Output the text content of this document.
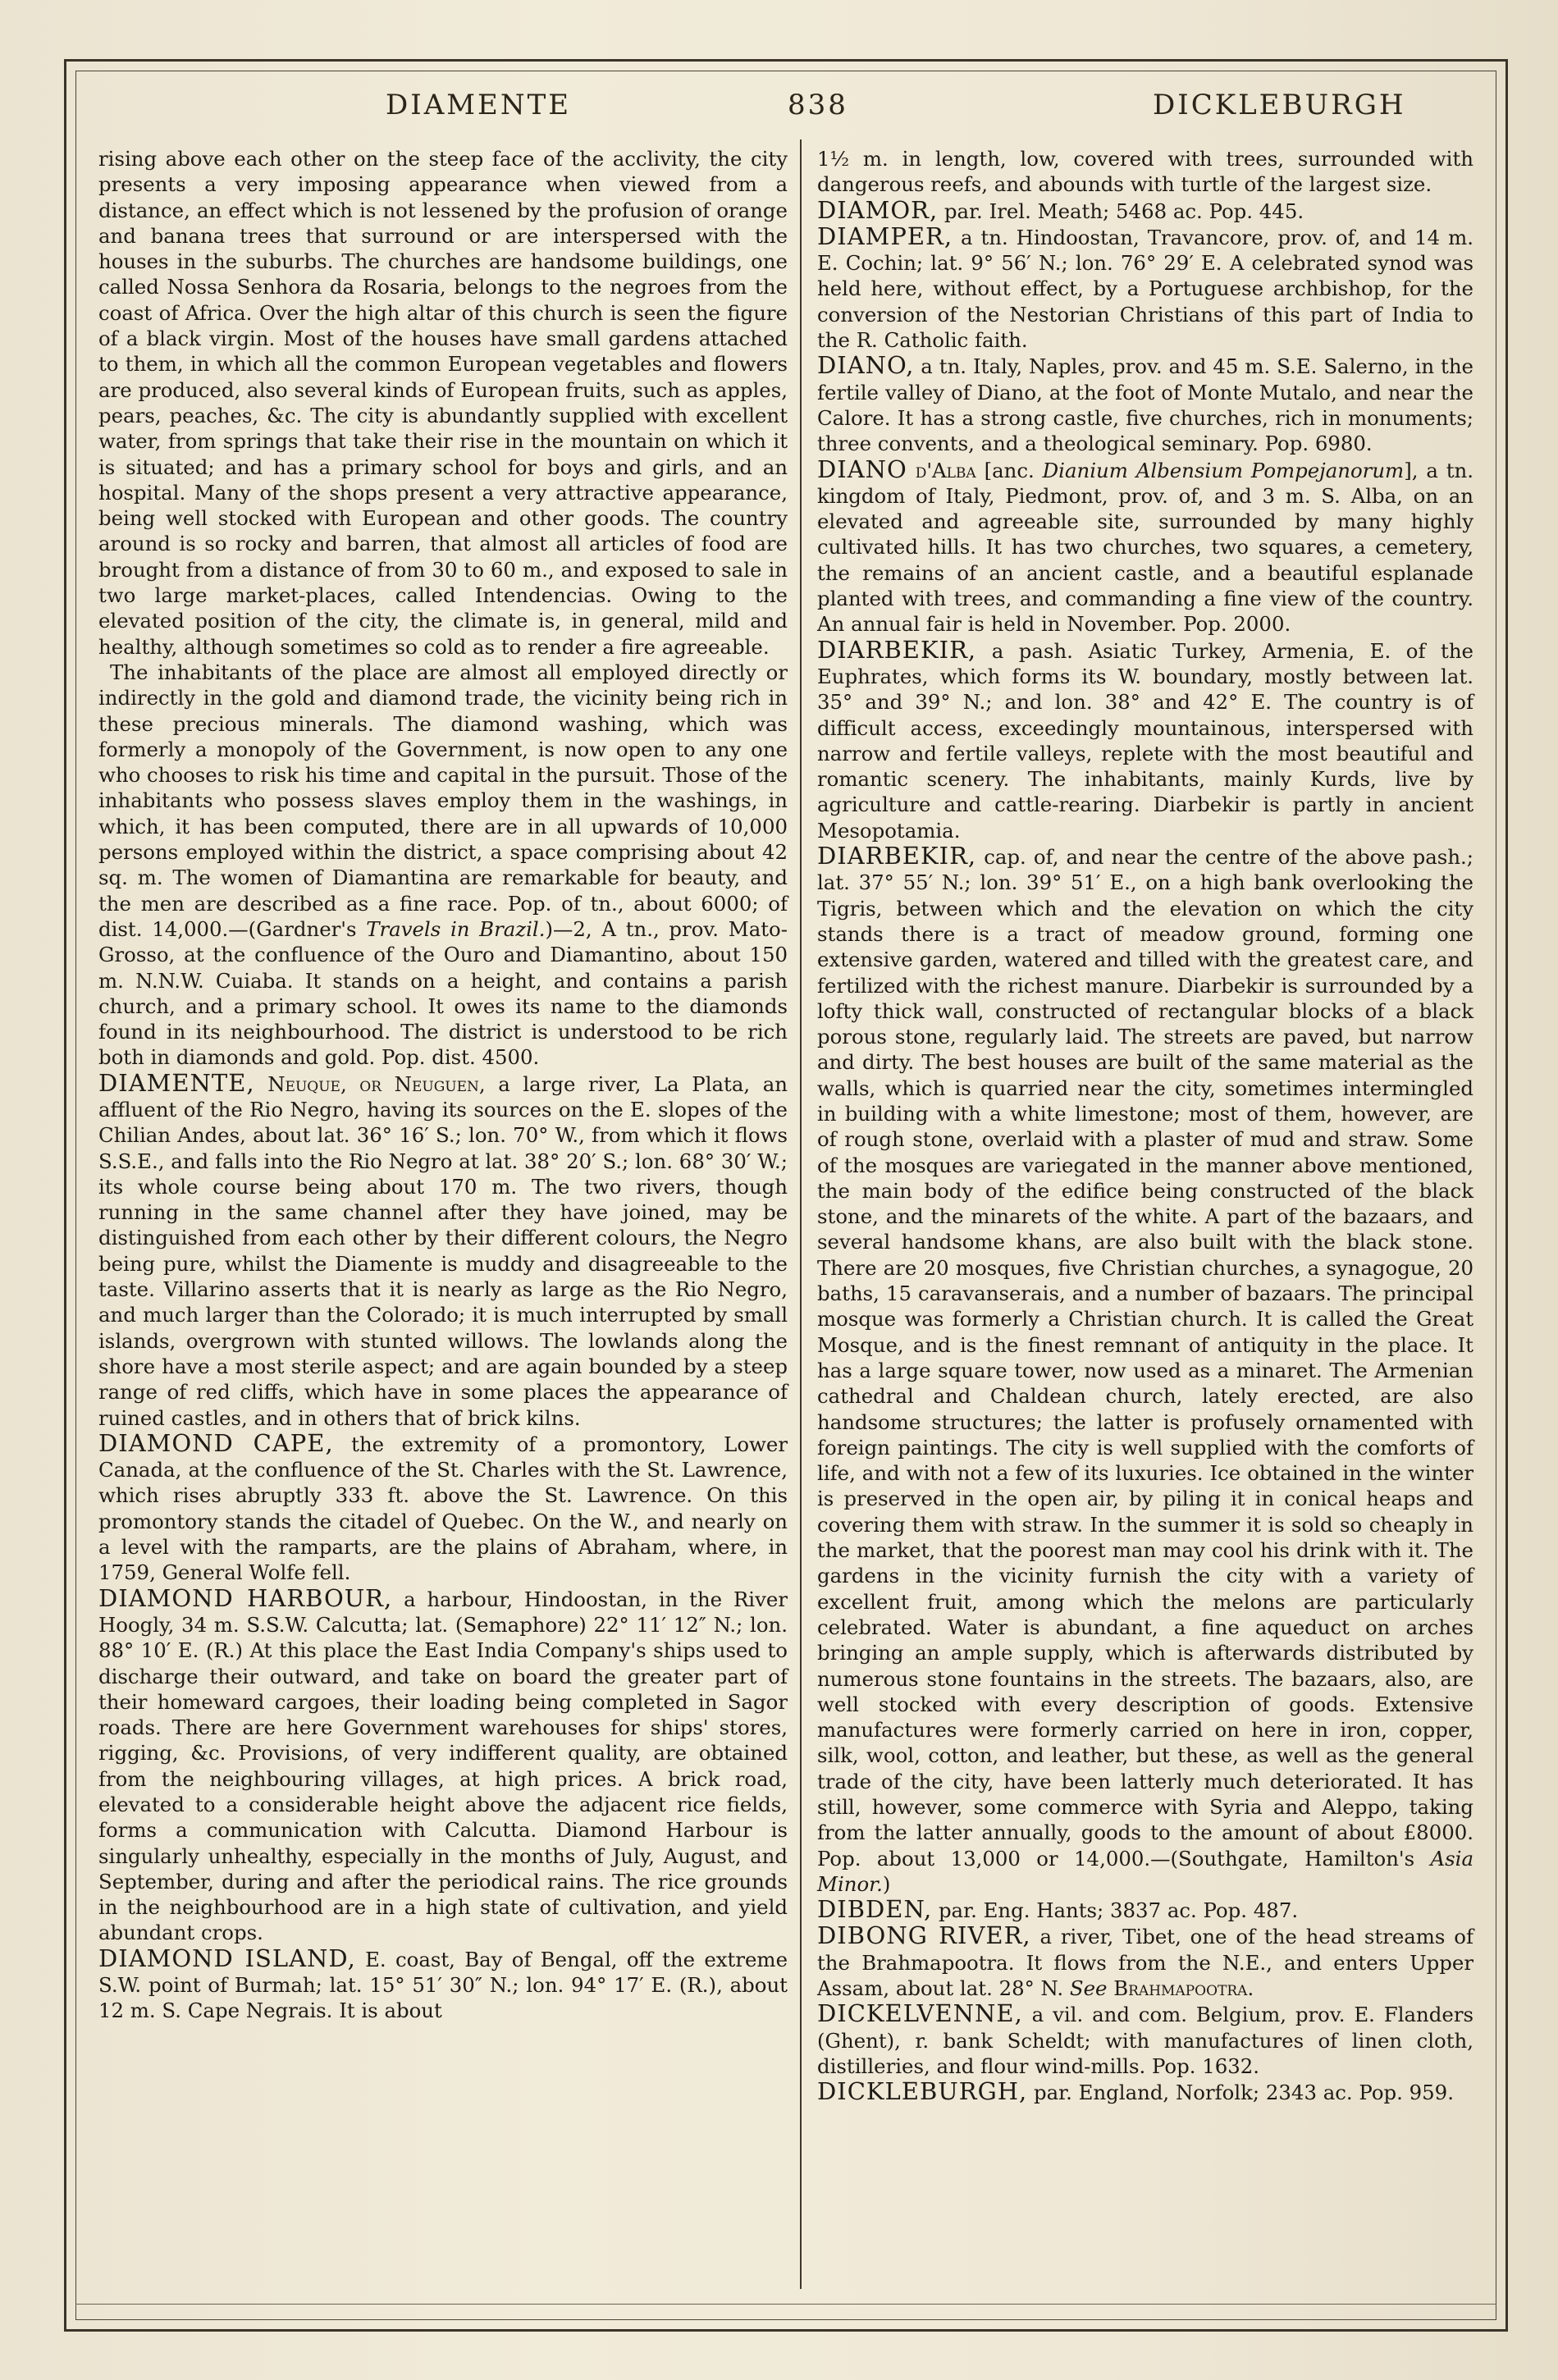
DIAMENTE	838	DICKLEBURGH

rising above each other on the steep face of the acclivity, the city presents a very imposing appearance when viewed from a distance, an effect which is not lessened by the profusion of orange and banana trees that surround or are interspersed with the houses in the suburbs. The churches are handsome buildings, one called Nossa Senhora da Rosaria, belongs to the negroes from the coast of Africa. Over the high altar of this church is seen the figure of a black virgin. Most of the houses have small gardens attached to them, in which all the common European vegetables and flowers are produced, also several kinds of European fruits, such as apples, pears, peaches, &c. The city is abundantly supplied with excellent water, from springs that take their rise in the mountain on which it is situated; and has a primary school for boys and girls, and an hospital. Many of the shops present a very attractive appearance, being well stocked with European and other goods. The country around is so rocky and barren, that almost all articles of food are brought from a distance of from 30 to 60 m., and exposed to sale in two large market-places, called Intendencias. Owing to the elevated position of the city, the climate is, in general, mild and healthy, although sometimes so cold as to render a fire agreeable.

The inhabitants of the place are almost all employed directly or indirectly in the gold and diamond trade, the vicinity being rich in these precious minerals. The diamond washing, which was formerly a monopoly of the Government, is now open to any one who chooses to risk his time and capital in the pursuit. Those of the inhabitants who possess slaves employ them in the washings, in which, it has been computed, there are in all upwards of 10,000 persons employed within the district, a space comprising about 42 sq. m. The women of Diamantina are remarkable for beauty, and the men are described as a fine race. Pop. of tn., about 6000; of dist. 14,000.—(Gardner's Travels in Brazil.)—2, A tn., prov. Mato-Grosso, at the confluence of the Ouro and Diamantino, about 150 m. N.N.W. Cuiaba. It stands on a height, and contains a parish church, and a primary school. It owes its name to the diamonds found in its neighbourhood. The district is understood to be rich both in diamonds and gold. Pop. dist. 4500.

DIAMENTE, Neuque, or Neuguen, a large river, La Plata, an affluent of the Rio Negro, having its sources on the E. slopes of the Chilian Andes, about lat. 36° 16′ S.; lon. 70° W., from which it flows S.S.E., and falls into the Rio Negro at lat. 38° 20′ S.; lon. 68° 30′ W.; its whole course being about 170 m. The two rivers, though running in the same channel after they have joined, may be distinguished from each other by their different colours, the Negro being pure, whilst the Diamente is muddy and disagreeable to the taste. Villarino asserts that it is nearly as large as the Rio Negro, and much larger than the Colorado; it is much interrupted by small islands, overgrown with stunted willows. The lowlands along the shore have a most sterile aspect; and are again bounded by a steep range of red cliffs, which have in some places the appearance of ruined castles, and in others that of brick kilns.

DIAMOND CAPE, the extremity of a promontory, Lower Canada, at the confluence of the St. Charles with the St. Lawrence, which rises abruptly 333 ft. above the St. Lawrence. On this promontory stands the citadel of Quebec. On the W., and nearly on a level with the ramparts, are the plains of Abraham, where, in 1759, General Wolfe fell.

DIAMOND HARBOUR, a harbour, Hindoostan, in the River Hoogly, 34 m. S.S.W. Calcutta; lat. (Semaphore) 22° 11′ 12″ N.; lon. 88° 10′ E. (R.) At this place the East India Company's ships used to discharge their outward, and take on board the greater part of their homeward cargoes, their loading being completed in Sagor roads. There are here Government warehouses for ships' stores, rigging, &c. Provisions, of very indifferent quality, are obtained from the neighbouring villages, at high prices. A brick road, elevated to a considerable height above the adjacent rice fields, forms a communication with Calcutta. Diamond Harbour is singularly unhealthy, especially in the months of July, August, and September, during and after the periodical rains. The rice grounds in the neighbourhood are in a high state of cultivation, and yield abundant crops.

DIAMOND ISLAND, E. coast, Bay of Bengal, off the extreme S.W. point of Burmah; lat. 15° 51′ 30″ N.; lon. 94° 17′ E. (R.), about 12 m. S. Cape Negrais. It is about

1½ m. in length, low, covered with trees, surrounded with dangerous reefs, and abounds with turtle of the largest size.

DIAMOR, par. Irel. Meath; 5468 ac. Pop. 445.

DIAMPER, a tn. Hindoostan, Travancore, prov. of, and 14 m. E. Cochin; lat. 9° 56′ N.; lon. 76° 29′ E. A celebrated synod was held here, without effect, by a Portuguese archbishop, for the conversion of the Nestorian Christians of this part of India to the R. Catholic faith.

DIANO, a tn. Italy, Naples, prov. and 45 m. S.E. Salerno, in the fertile valley of Diano, at the foot of Monte Mutalo, and near the Calore. It has a strong castle, five churches, rich in monuments; three convents, and a theological seminary. Pop. 6980.

DIANO d'Alba [anc. Dianium Albensium Pompejanorum], a tn. kingdom of Italy, Piedmont, prov. of, and 3 m. S. Alba, on an elevated and agreeable site, surrounded by many highly cultivated hills. It has two churches, two squares, a cemetery, the remains of an ancient castle, and a beautiful esplanade planted with trees, and commanding a fine view of the country. An annual fair is held in November. Pop. 2000.

DIARBEKIR, a pash. Asiatic Turkey, Armenia, E. of the Euphrates, which forms its W. boundary, mostly between lat. 35° and 39° N.; and lon. 38° and 42° E. The country is of difficult access, exceedingly mountainous, interspersed with narrow and fertile valleys, replete with the most beautiful and romantic scenery. The inhabitants, mainly Kurds, live by agriculture and cattle-rearing. Diarbekir is partly in ancient Mesopotamia.

DIARBEKIR, cap. of, and near the centre of the above pash.; lat. 37° 55′ N.; lon. 39° 51′ E., on a high bank overlooking the Tigris, between which and the elevation on which the city stands there is a tract of meadow ground, forming one extensive garden, watered and tilled with the greatest care, and fertilized with the richest manure. Diarbekir is surrounded by a lofty thick wall, constructed of rectangular blocks of a black porous stone, regularly laid. The streets are paved, but narrow and dirty. The best houses are built of the same material as the walls, which is quarried near the city, sometimes intermingled in building with a white limestone; most of them, however, are of rough stone, overlaid with a plaster of mud and straw. Some of the mosques are variegated in the manner above mentioned, the main body of the edifice being constructed of the black stone, and the minarets of the white. A part of the bazaars, and several handsome khans, are also built with the black stone. There are 20 mosques, five Christian churches, a synagogue, 20 baths, 15 caravanserais, and a number of bazaars. The principal mosque was formerly a Christian church. It is called the Great Mosque, and is the finest remnant of antiquity in the place. It has a large square tower, now used as a minaret. The Armenian cathedral and Chaldean church, lately erected, are also handsome structures; the latter is profusely ornamented with foreign paintings. The city is well supplied with the comforts of life, and with not a few of its luxuries. Ice obtained in the winter is preserved in the open air, by piling it in conical heaps and covering them with straw. In the summer it is sold so cheaply in the market, that the poorest man may cool his drink with it. The gardens in the vicinity furnish the city with a variety of excellent fruit, among which the melons are particularly celebrated. Water is abundant, a fine aqueduct on arches bringing an ample supply, which is afterwards distributed by numerous stone fountains in the streets. The bazaars, also, are well stocked with every description of goods. Extensive manufactures were formerly carried on here in iron, copper, silk, wool, cotton, and leather, but these, as well as the general trade of the city, have been latterly much deteriorated. It has still, however, some commerce with Syria and Aleppo, taking from the latter annually, goods to the amount of about £8000. Pop. about 13,000 or 14,000.—(Southgate, Hamilton's Asia Minor.)

DIBDEN, par. Eng. Hants; 3837 ac. Pop. 487.

DIBONG RIVER, a river, Tibet, one of the head streams of the Brahmapootra. It flows from the N.E., and enters Upper Assam, about lat. 28° N. See Brahmapootra.

DICKELVENNE, a vil. and com. Belgium, prov. E. Flanders (Ghent), r. bank Scheldt; with manufactures of linen cloth, distilleries, and flour wind-mills. Pop. 1632.

DICKLEBURGH, par. England, Norfolk; 2343 ac. Pop. 959.
